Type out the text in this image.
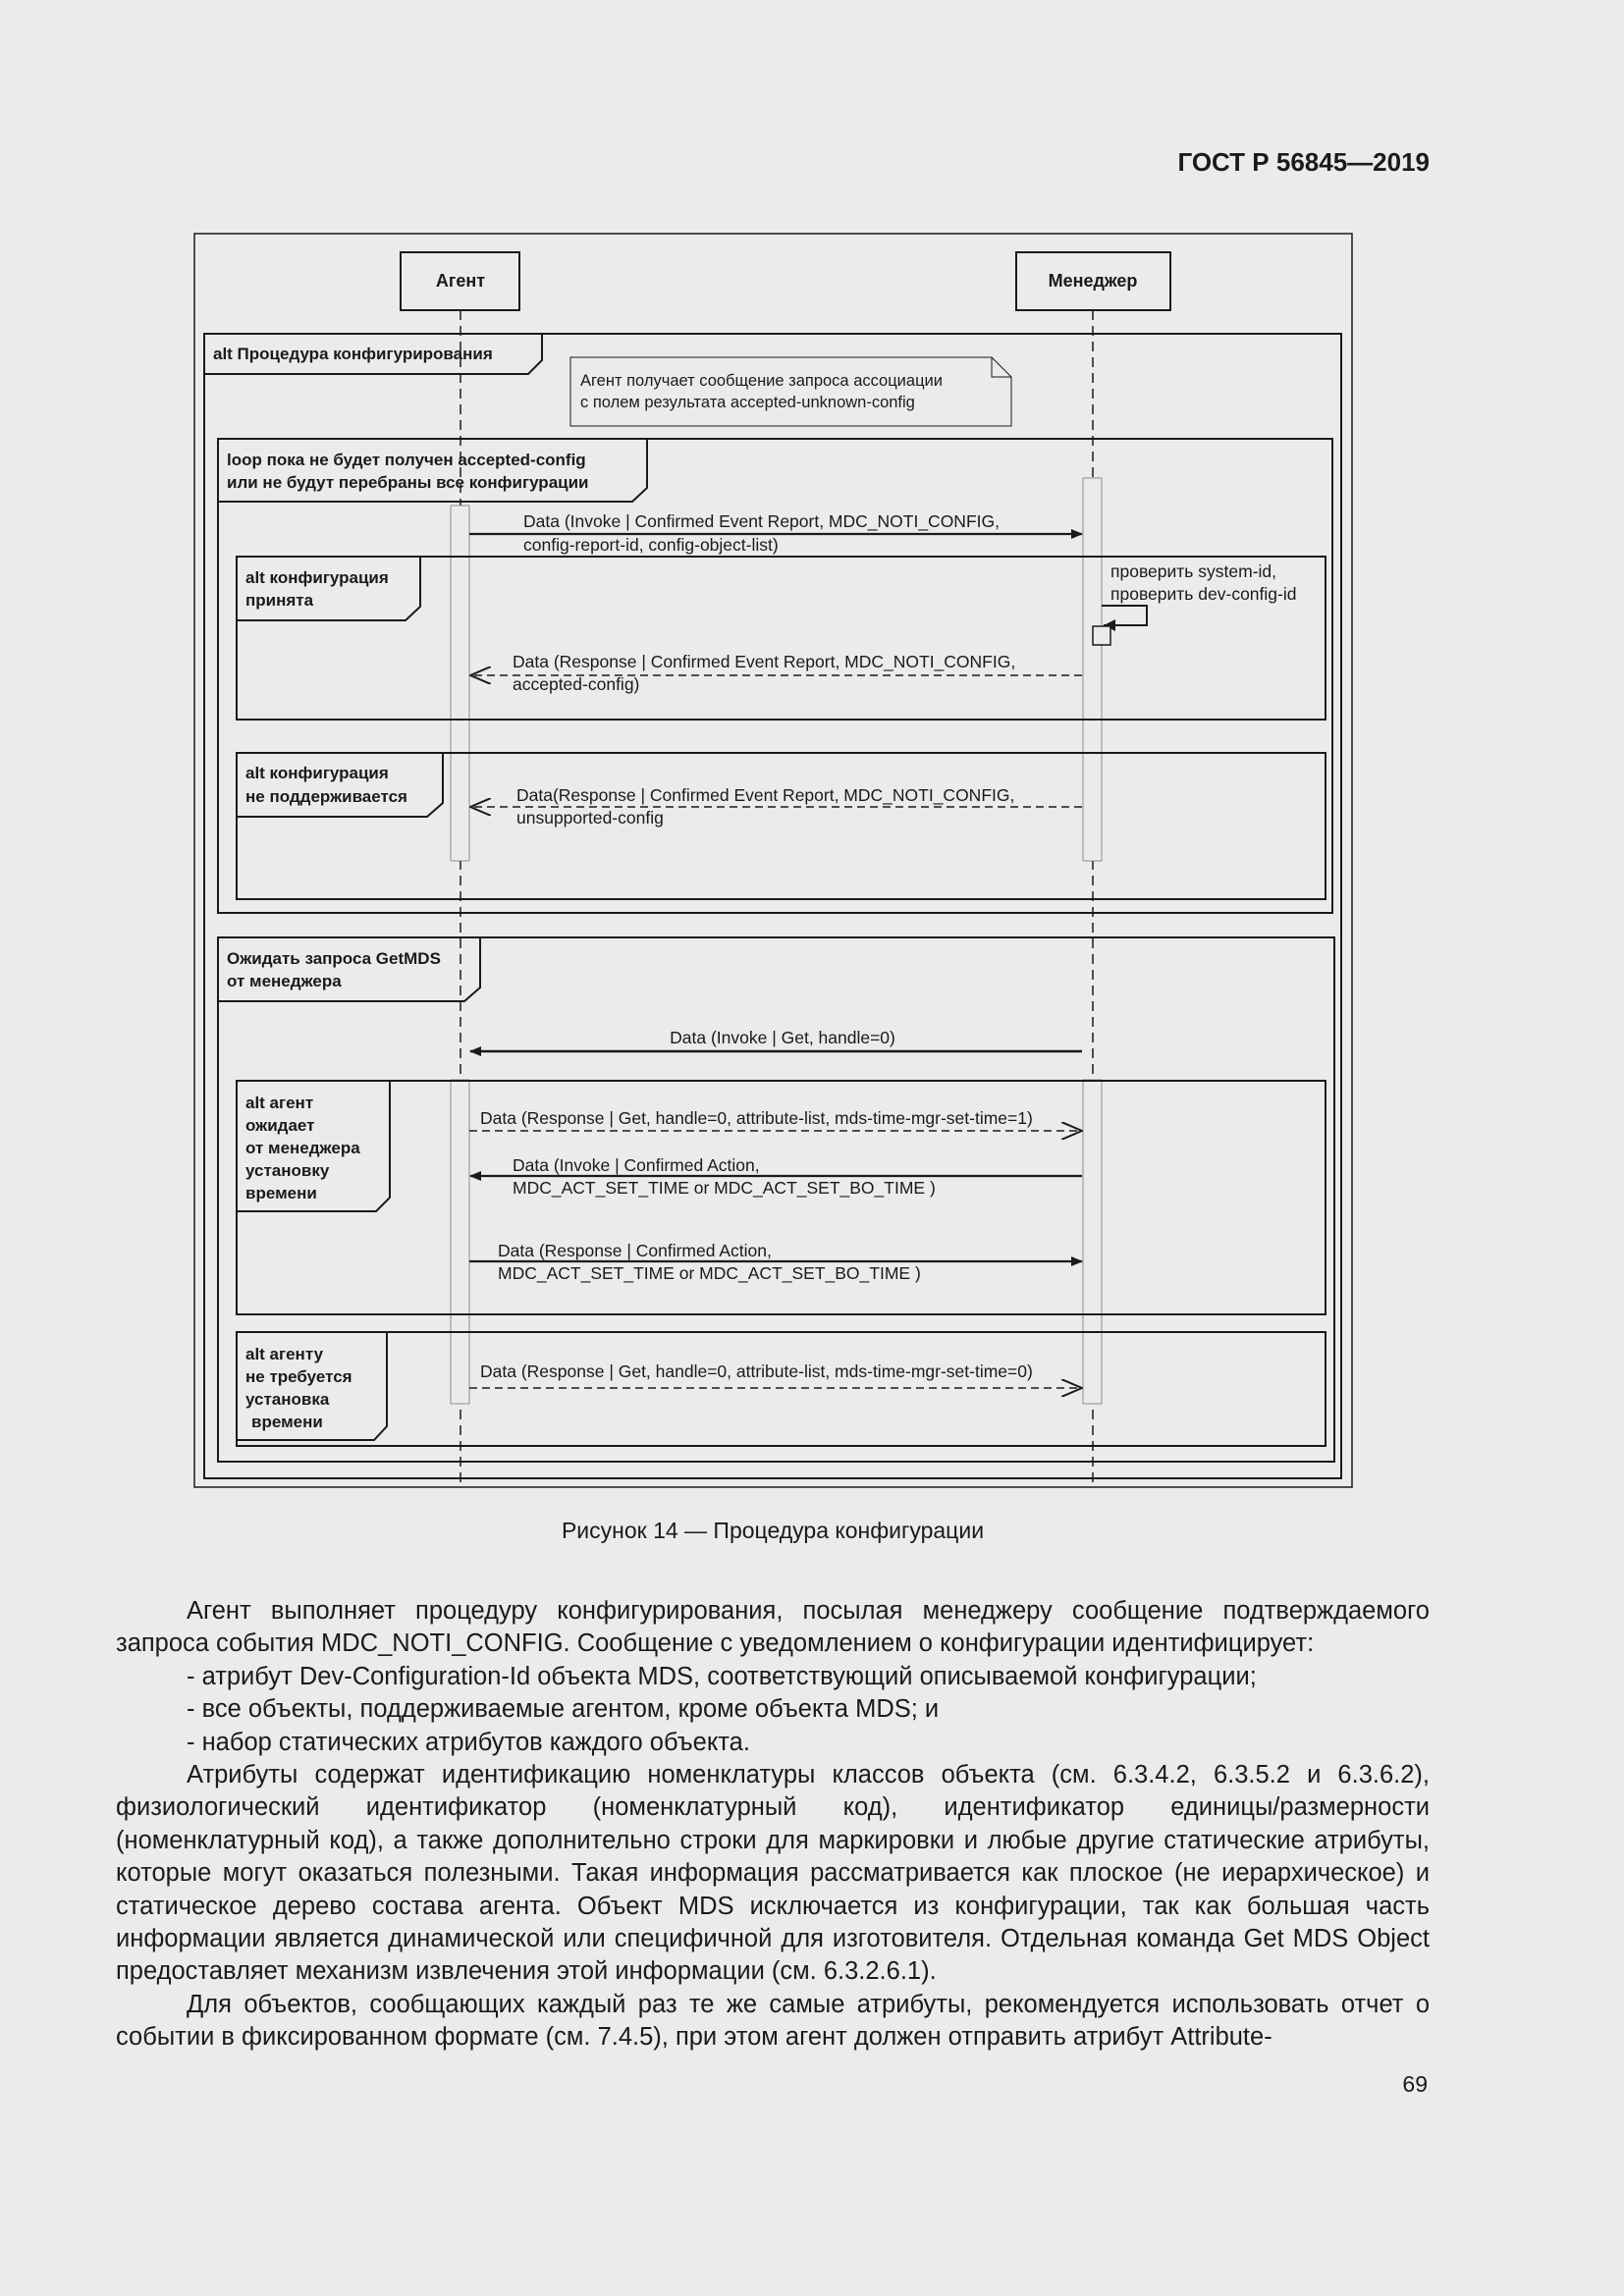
ГОСТ Р 56845—2019
Агент	Менеджер
alt Процедура конфигурирования
Агент получает сообщение запроса ассоциации
с полем результата accepted-unknown-config
loop пока не будет получен accepted-config
или не будут перебраны все конфигурации
Data (Invoke | Confirmed Event Report, MDC_NOTI_CONFIG,
config-report-id, config-object-list)
alt конфигурация
принята
проверить system-id,
проверить dev-config-id
Data (Response | Confirmed Event Report, MDC_NOTI_CONFIG,
accepted-config)
alt конфигурация
не поддерживается	Data(Response | Confirmed Event Report, MDC_NOTI_CONFIG,
unsupported-config
Ожидать запроса GetMDS
от менеджера
Data (Invoke | Get, handle=0)
alt агент
ожидает
от менеджера
установку
времени
Data (Response | Get, handle=0, attribute-list, mds-time-mgr-set-time=1)
Data (Invoke | Confirmed Action,
MDC_ACT_SET_TIME or MDC_ACT_SET_BO_TIME )
Data (Response | Confirmed Action,
MDC_ACT_SET_TIME or MDC_ACT_SET_BO_TIME )
alt агенту
не требуется
установка
времени
Data (Response | Get, handle=0, attribute-list, mds-time-mgr-set-time=0)
Рисунок 14 — Процедура конфигурации

Агент выполняет процедуру конфигурирования, посылая менеджеру сообщение подтверждаемого запроса события MDC_NOTI_CONFIG. Сообщение с уведомлением о конфигурации идентифицирует:

- атрибут Dev-Configuration-Id объекта MDS, соответствующий описываемой конфигурации;

- все объекты, поддерживаемые агентом, кроме объекта MDS; и

- набор статических атрибутов каждого объекта.

Атрибуты содержат идентификацию номенклатуры классов объекта (см. 6.3.4.2, 6.3.5.2 и 6.3.6.2), физиологический идентификатор (номенклатурный код), идентификатор единицы/размерности (номенклатурный код), а также дополнительно строки для маркировки и любые другие статические атрибуты, которые могут оказаться полезными. Такая информация рассматривается как плоское (не иерархическое) и статическое дерево состава агента. Объект MDS исключается из конфигурации, так как большая часть информации является динамической или специфичной для изготовителя. Отдельная команда Get MDS Object предоставляет механизм извлечения этой информации (см. 6.3.2.6.1).

Для объектов, сообщающих каждый раз те же самые атрибуты, рекомендуется использовать отчет о событии в фиксированном формате (см. 7.4.5), при этом агент должен отправить атрибут Attribute-

69
